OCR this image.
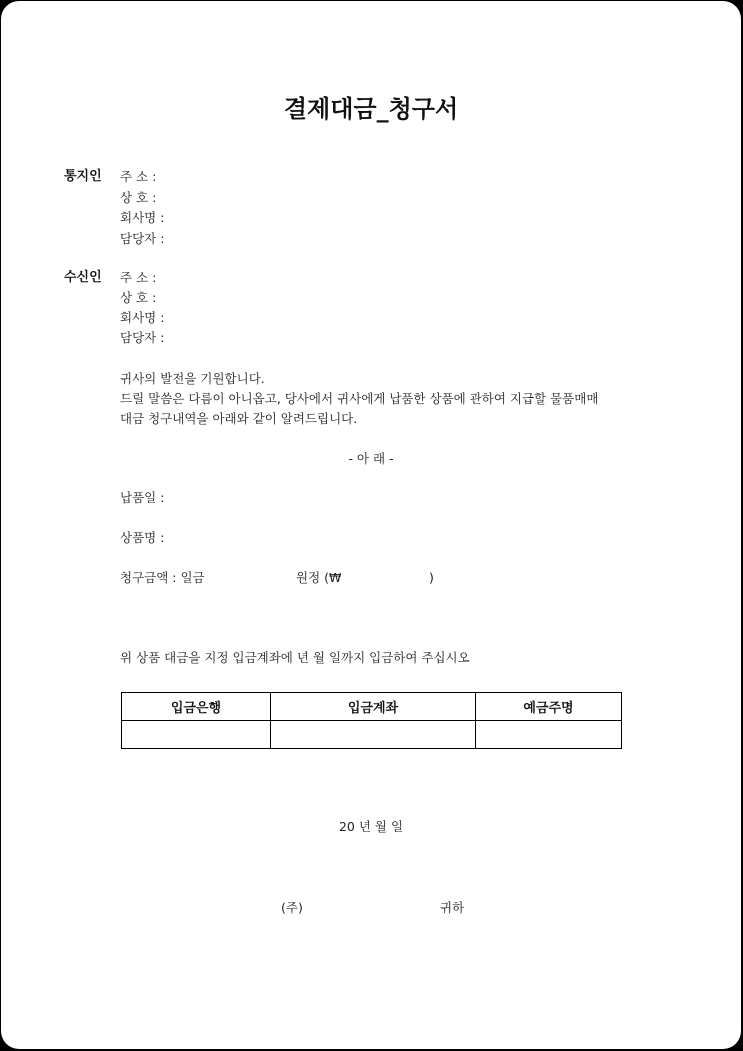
결제대금_청구서
통지인 주 소 :
상 호 :
회사명 :
담당자 :
수신인 주 소 :
상 호 :
회사명 :
담당자 :
귀사의 발전을 기원합니다.
드릴 말씀은 다름이 아니옵고, 당사에서 귀사에게 납품한 상품에 관하여 지급할 물품매매
대금 청구내역을 아래와 같이 알려드립니다.
- 아 래 -
납품일 :
상품명 :
청구금액 : 일금	원정 (₩	)
위 상품 대금을 지정 입금계좌에 년 월 일까지 입금하여 주십시오
입금은행	입금계좌	예금주명

20 년 월 일
(주)	귀하
